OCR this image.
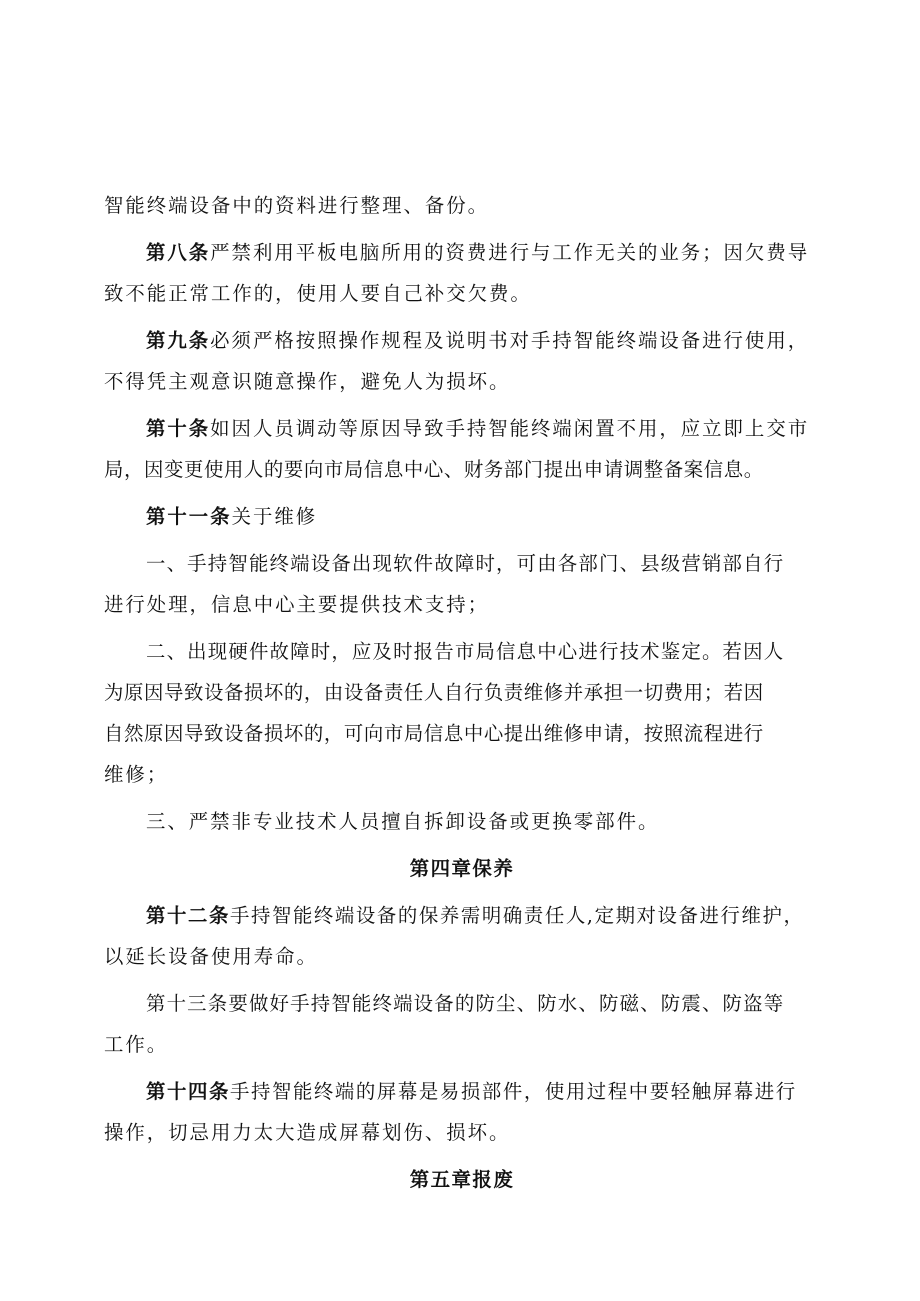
智能终端设备中的资料进行整理、备份。
第八条严禁利用平板电脑所用的资费进行与工作无关的业务；因欠费导
致不能正常工作的，使用人要自己补交欠费。
第九条必须严格按照操作规程及说明书对手持智能终端设备进行使用，
不得凭主观意识随意操作，避免人为损坏。
第十条如因人员调动等原因导致手持智能终端闲置不用，应立即上交市
局，因变更使用人的要向市局信息中心、财务部门提出申请调整备案信息。
第十一条关于维修
一、手持智能终端设备出现软件故障时，可由各部门、县级营销部自行
进行处理，信息中心主要提供技术支持；
二、出现硬件故障时，应及时报告市局信息中心进行技术鉴定。若因人
为原因导致设备损坏的，由设备责任人自行负责维修并承担一切费用；若因
自然原因导致设备损坏的，可向市局信息中心提出维修申请，按照流程进行
维修；
三、严禁非专业技术人员擅自拆卸设备或更换零部件。
第四章保养
第十二条手持智能终端设备的保养需明确责任人,定期对设备进行维护，
以延长设备使用寿命。
第十三条要做好手持智能终端设备的防尘、防水、防磁、防震、防盗等
工作。
第十四条手持智能终端的屏幕是易损部件，使用过程中要轻触屏幕进行
操作，切忌用力太大造成屏幕划伤、损坏。
第五章报废
